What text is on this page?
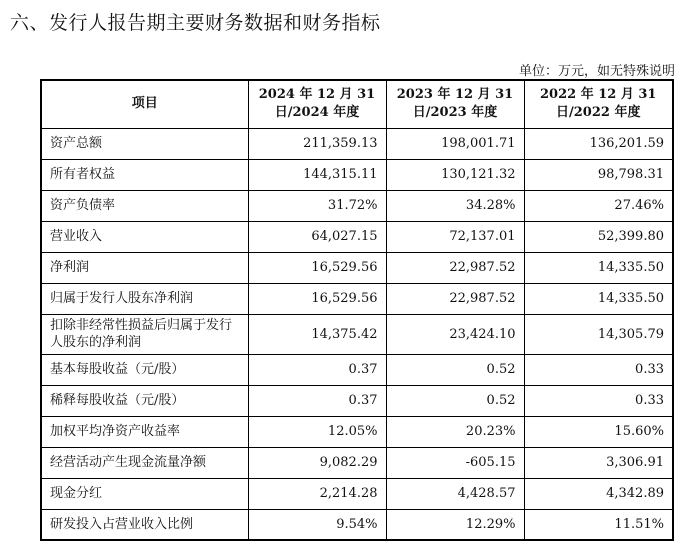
六、发行人报告期主要财务数据和财务指标
单位：万元，如无特殊说明
项目	2024 年 12 月 31 日/2024 年度	2023 年 12 月 31 日/2023 年度	2022 年 12 月 31 日/2022 年度
资产总额	211,359.13	198,001.71	136,201.59
所有者权益	144,315.11	130,121.32	98,798.31
资产负债率	31.72%	34.28%	27.46%
营业收入	64,027.15	72,137.01	52,399.80
净利润	16,529.56	22,987.52	14,335.50
归属于发行人股东净利润	16,529.56	22,987.52	14,335.50
扣除非经常性损益后归属于发行人股东的净利润	14,375.42	23,424.10	14,305.79
基本每股收益（元/股）	0.37	0.52	0.33
稀释每股收益（元/股）	0.37	0.52	0.33
加权平均净资产收益率	12.05%	20.23%	15.60%
经营活动产生现金流量净额	9,082.29	-605.15	3,306.91
现金分红	2,214.28	4,428.57	4,342.89
研发投入占营业收入比例	9.54%	12.29%	11.51%
